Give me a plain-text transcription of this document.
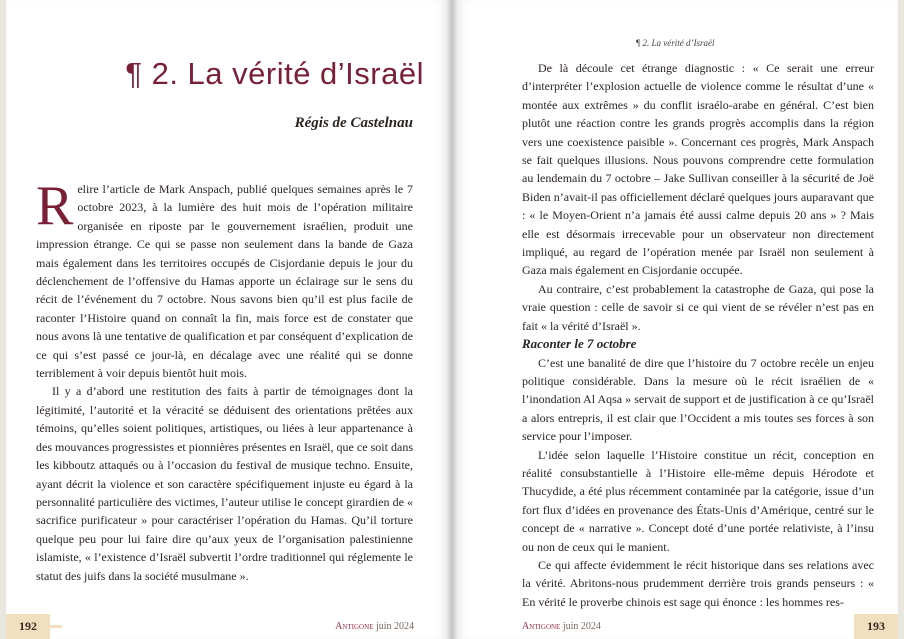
¶ 2. La vérité d’Israël
Régis de Castelnau

Relire l’article de Mark Anspach, publié quelques semaines après le 7 octobre 2023, à la lumière des huit mois de l’opération militaire organisée en riposte par le gouvernement israélien, produit une impression étrange. Ce qui se passe non seulement dans la bande de Gaza mais également dans les territoires occupés de Cisjordanie depuis le jour du déclenchement de l’offensive du Hamas apporte un éclairage sur le sens du récit de l’événement du 7 octobre. Nous savons bien qu’il est plus facile de raconter l’Histoire quand on connaît la fin, mais force est de constater que nous avons là une tentative de qualification et par conséquent d’explication de ce qui s’est passé ce jour-là, en décalage avec une réalité qui se donne terriblement à voir depuis bientôt huit mois.

Il y a d’abord une restitution des faits à partir de témoignages dont la légitimité, l’autorité et la véracité se déduisent des orientations prêtées aux témoins, qu’elles soient politiques, artistiques, ou liées à leur appartenance à des mouvances progressistes et pionnières présentes en Israël, que ce soit dans les kibboutz attaqués ou à l’occasion du festival de musique techno. Ensuite, ayant décrit la violence et son caractère spécifiquement injuste eu égard à la personnalité particulière des victimes, l’auteur utilise le concept girardien de « sacrifice purificateur » pour caractériser l’opération du Hamas. Qu’il torture quelque peu pour lui faire dire qu’aux yeux de l’organisation palestinienne islamiste, « l’existence d’Israël subvertit l’ordre traditionnel qui réglemente le statut des juifs dans la société musulmane ».

192	Antigone juin 2024
¶ 2. La vérité d’Israël

De là découle cet étrange diagnostic : « Ce serait une erreur d’interpréter l’explosion actuelle de violence comme le résultat d’une « montée aux extrêmes » du conflit israélo-arabe en général. C’est bien plutôt une réaction contre les grands progrès accomplis dans la région vers une coexistence paisible ». Concernant ces progrès, Mark Anspach se fait quelques illusions. Nous pouvons comprendre cette formulation au lendemain du 7 octobre – Jake Sullivan conseiller à la sécurité de Joë Biden n’avait-il pas officiellement déclaré quelques jours auparavant que : « le Moyen-Orient n’a jamais été aussi calme depuis 20 ans » ? Mais elle est désormais irrecevable pour un observateur non directement impliqué, au regard de l’opération menée par Israël non seulement à Gaza mais également en Cisjordanie occupée.

Au contraire, c’est probablement la catastrophe de Gaza, qui pose la vraie question : celle de savoir si ce qui vient de se révéler n’est pas en fait « la vérité d’Israël ».

Raconter le 7 octobre

C’est une banalité de dire que l’histoire du 7 octobre recèle un enjeu politique considérable. Dans la mesure où le récit israélien de « l’inondation Al Aqsa » servait de support et de justification à ce qu’Israël a alors entrepris, il est clair que l’Occident a mis toutes ses forces à son service pour l’imposer.

L’idée selon laquelle l’Histoire constitue un récit, conception en réalité consubstantielle à l’Histoire elle-même depuis Hérodote et Thucydide, a été plus récemment contaminée par la catégorie, issue d’un fort flux d’idées en provenance des États-Unis d’Amérique, centré sur le concept de « narrative ». Concept doté d’une portée relativiste, à l’insu ou non de ceux qui le manient.

Ce qui affecte évidemment le récit historique dans ses relations avec la vérité. Abritons-nous prudemment derrière trois grands penseurs : « En vérité le proverbe chinois est sage qui énonce : les hommes res-

Antigone juin 2024	193
